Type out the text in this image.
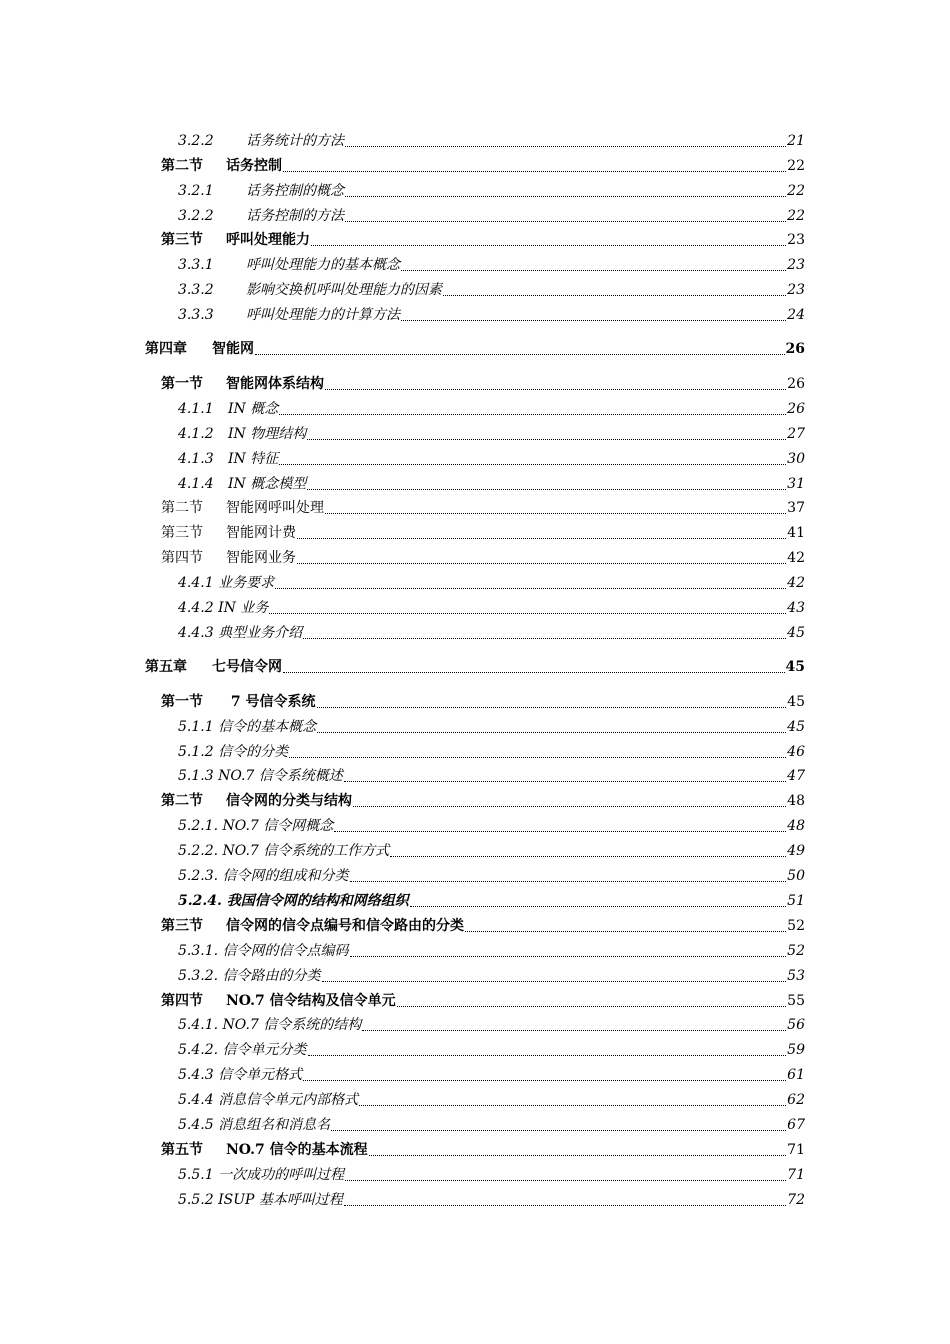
3.2.2 话务统计的方法	21
第二节 话务控制	22
3.2.1 话务控制的概念	22
3.2.2 话务控制的方法	22
第三节 呼叫处理能力	23
3.3.1 呼叫处理能力的基本概念	23
3.3.2 影响交换机呼叫处理能力的因素	23
3.3.3 呼叫处理能力的计算方法	24
第四章 智能网	26
第一节 智能网体系结构	26
4.1.1 IN 概念	26
4.1.2 IN 物理结构	27
4.1.3 IN 特征	30
4.1.4 IN 概念模型	31
第二节 智能网呼叫处理	37
第三节 智能网计费	41
第四节 智能网业务	42
4.4.1 业务要求	42
4.4.2 IN 业务	43
4.4.3 典型业务介绍	45
第五章 七号信令网	45
第一节 7 号信令系统	45
5.1.1 信令的基本概念	45
5.1.2 信令的分类	46
5.1.3 NO.7 信令系统概述	47
第二节 信令网的分类与结构	48
5.2.1. NO.7 信令网概念	48
5.2.2. NO.7 信令系统的工作方式	49
5.2.3. 信令网的组成和分类	50
5.2.4. 我国信令网的结构和网络组织	51
第三节 信令网的信令点编号和信令路由的分类	52
5.3.1. 信令网的信令点编码	52
5.3.2. 信令路由的分类	53
第四节 NO.7 信令结构及信令单元	55
5.4.1. NO.7 信令系统的结构	56
5.4.2. 信令单元分类	59
5.4.3 信令单元格式	61
5.4.4 消息信令单元内部格式	62
5.4.5 消息组名和消息名	67
第五节 NO.7 信令的基本流程	71
5.5.1 一次成功的呼叫过程	71
5.5.2 ISUP 基本呼叫过程	72
